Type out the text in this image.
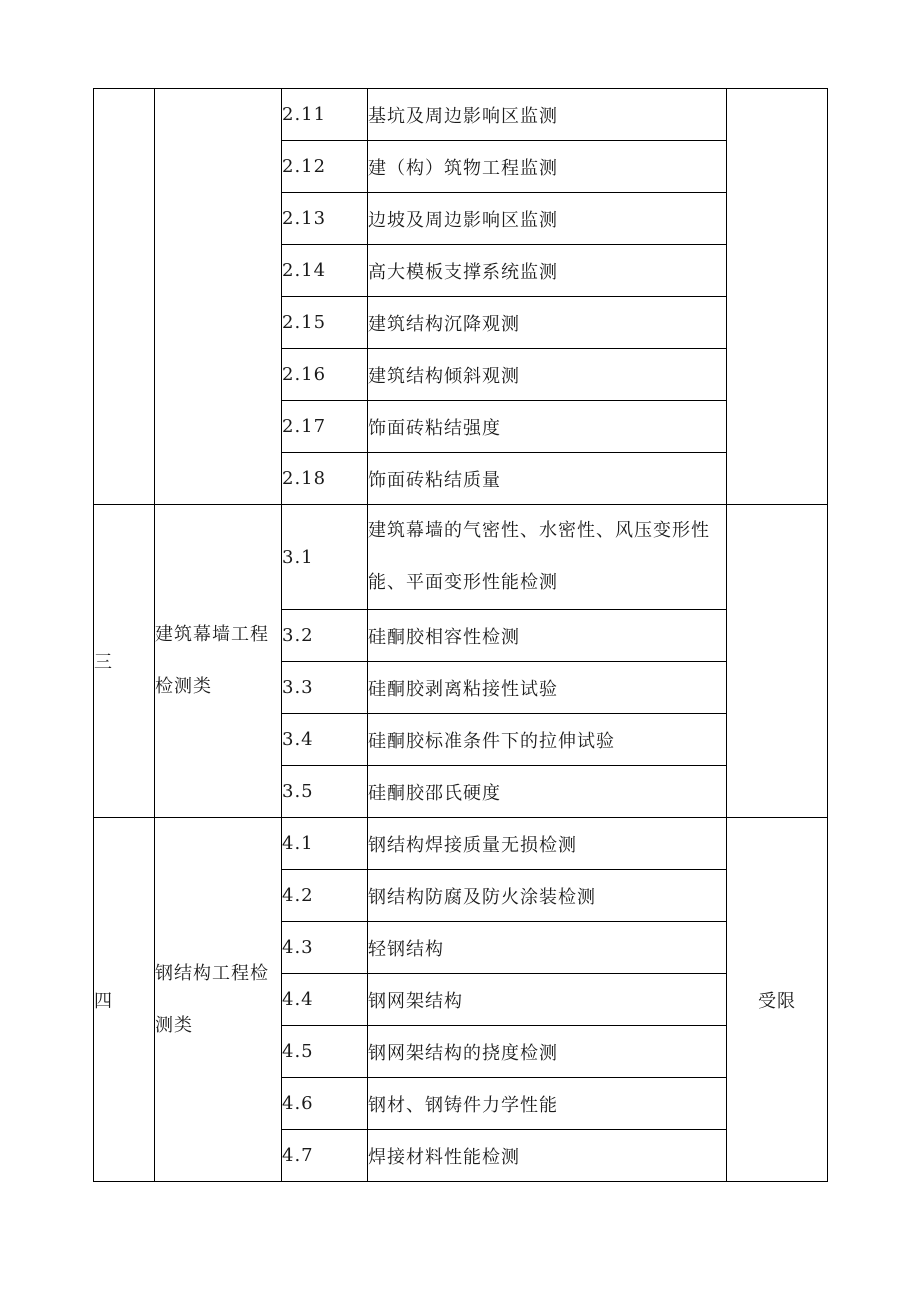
		2.11	基坑及周边影响区监测	
		2.12	建（构）筑物工程监测	
		2.13	边坡及周边影响区监测	
		2.14	高大模板支撑系统监测	
		2.15	建筑结构沉降观测	
		2.16	建筑结构倾斜观测	
		2.17	饰面砖粘结强度	
		2.18	饰面砖粘结质量	
三	建筑幕墙工程检测类	3.1	建筑幕墙的气密性、水密性、风压变形性能、平面变形性能检测	
		3.2	硅酮胶相容性检测	
		3.3	硅酮胶剥离粘接性试验	
		3.4	硅酮胶标准条件下的拉伸试验	
		3.5	硅酮胶邵氏硬度	
四	钢结构工程检测类	4.1	钢结构焊接质量无损检测	受限
		4.2	钢结构防腐及防火涂装检测	
		4.3	轻钢结构	
		4.4	钢网架结构	
		4.5	钢网架结构的挠度检测	
		4.6	钢材、钢铸件力学性能	
		4.7	焊接材料性能检测	
